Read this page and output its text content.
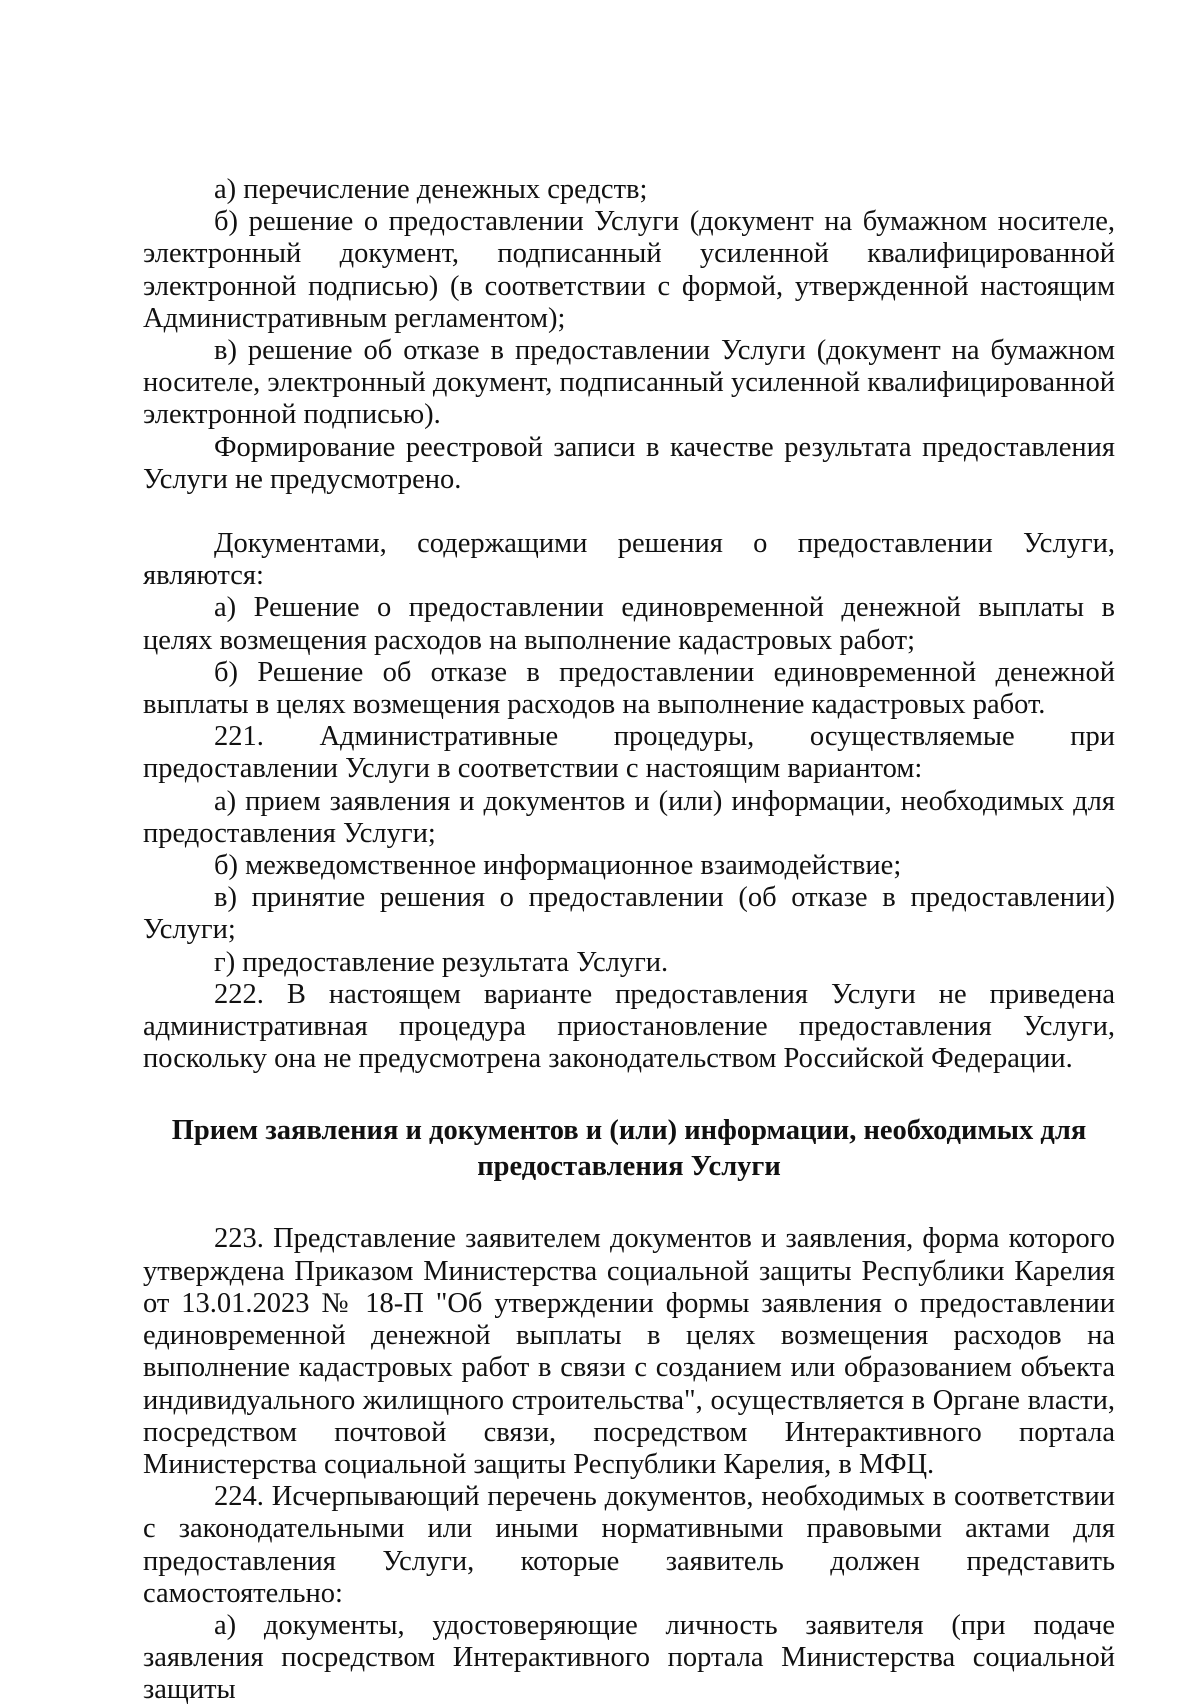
а) перечисление денежных средств;

б) решение о предоставлении Услуги (документ на бумажном носителе, электронный документ, подписанный усиленной квалифицированной электронной подписью) (в соответствии с формой, утвержденной настоящим Административным регламентом);

в) решение об отказе в предоставлении Услуги (документ на бумажном носителе, электронный документ, подписанный усиленной квалифицированной электронной подписью).

Формирование реестровой записи в качестве результата предоставления Услуги не предусмотрено.

Документами, содержащими решения о предоставлении Услуги, являются:

а) Решение о предоставлении единовременной денежной выплаты в целях возмещения расходов на выполнение кадастровых работ;

б) Решение об отказе в предоставлении единовременной денежной выплаты в целях возмещения расходов на выполнение кадастровых работ.

221. Административные процедуры, осуществляемые при предоставлении Услуги в соответствии с настоящим вариантом:

а) прием заявления и документов и (или) информации, необходимых для предоставления Услуги;

б) межведомственное информационное взаимодействие;

в) принятие решения о предоставлении (об отказе в предоставлении) Услуги;

г) предоставление результата Услуги.

222. В настоящем варианте предоставления Услуги не приведена административная процедура приостановление предоставления Услуги, поскольку она не предусмотрена законодательством Российской Федерации.

Прием заявления и документов и (или) информации, необходимых для предоставления Услуги

223. Представление заявителем документов и заявления, форма которого утверждена Приказом Министерства социальной защиты Республики Карелия от 13.01.2023 № 18-П "Об утверждении формы заявления о предоставлении единовременной денежной выплаты в целях возмещения расходов на выполнение кадастровых работ в связи с созданием или образованием объекта индивидуального жилищного строительства", осуществляется в Органе власти, посредством почтовой связи, посредством Интерактивного портала Министерства социальной защиты Республики Карелия, в МФЦ.

224. Исчерпывающий перечень документов, необходимых в соответствии с законодательными или иными нормативными правовыми актами для предоставления Услуги, которые заявитель должен представить самостоятельно:

а) документы, удостоверяющие личность заявителя (при подаче заявления посредством Интерактивного портала Министерства социальной защиты
